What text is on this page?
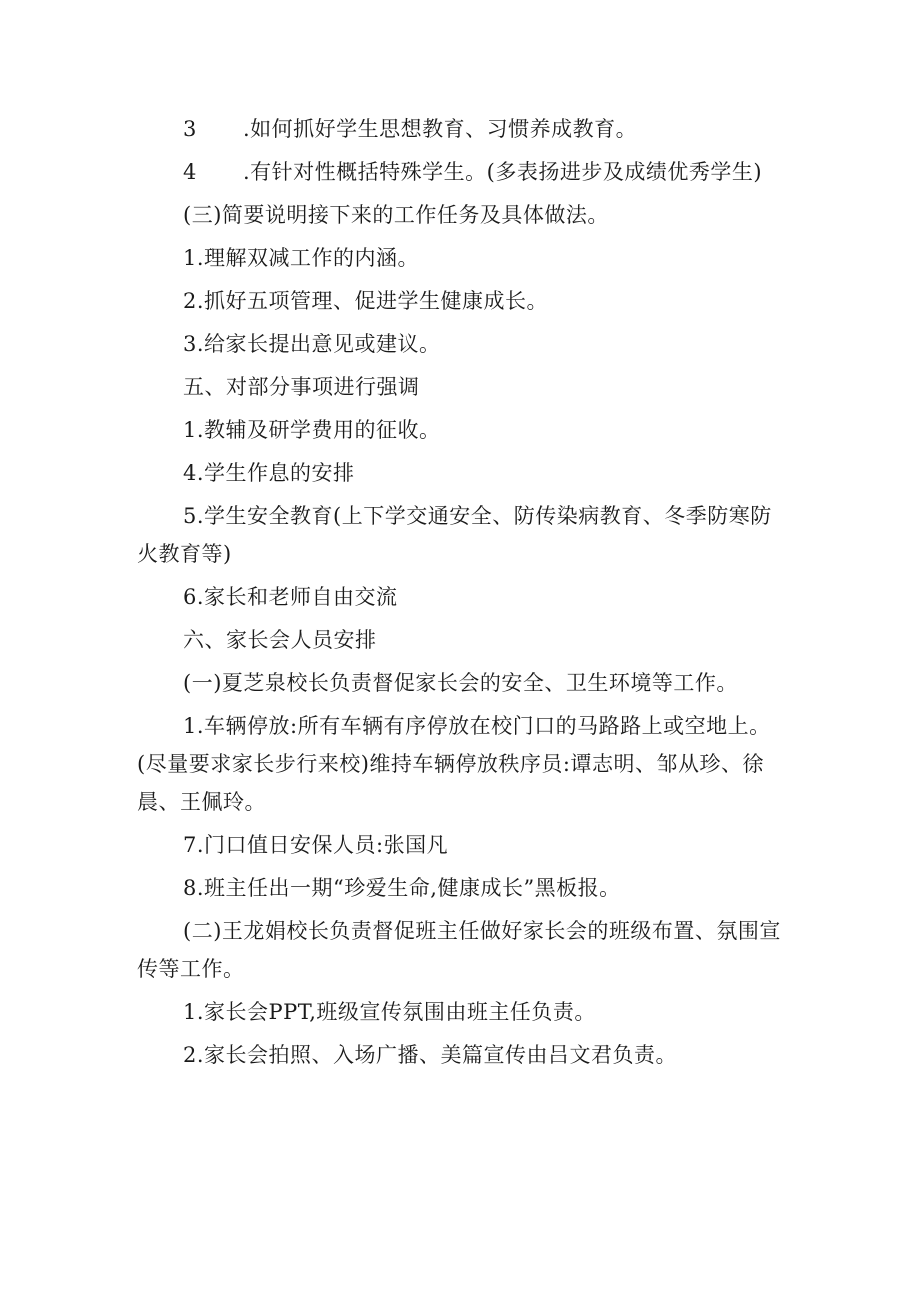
3 .如何抓好学生思想教育、习惯养成教育。

4 .有针对性概括特殊学生。(多表扬进步及成绩优秀学生)

(三)简要说明接下来的工作任务及具体做法。

1.理解双减工作的内涵。

2.抓好五项管理、促进学生健康成长。

3.给家长提出意见或建议。

五、对部分事项进行强调

1.教辅及研学费用的征收。

4.学生作息的安排

5.学生安全教育(上下学交通安全、防传染病教育、冬季防寒防火教育等)

6.家长和老师自由交流

六、家长会人员安排

(一)夏芝泉校长负责督促家长会的安全、卫生环境等工作。

1.车辆停放:所有车辆有序停放在校门口的马路路上或空地上。(尽量要求家长步行来校)维持车辆停放秩序员:谭志明、邹从珍、徐晨、王佩玲。

7.门口值日安保人员:张国凡

8.班主任出一期“珍爱生命,健康成长”黑板报。

(二)王龙娟校长负责督促班主任做好家长会的班级布置、氛围宣传等工作。

1.家长会PPT,班级宣传氛围由班主任负责。

2.家长会拍照、入场广播、美篇宣传由吕文君负责。
